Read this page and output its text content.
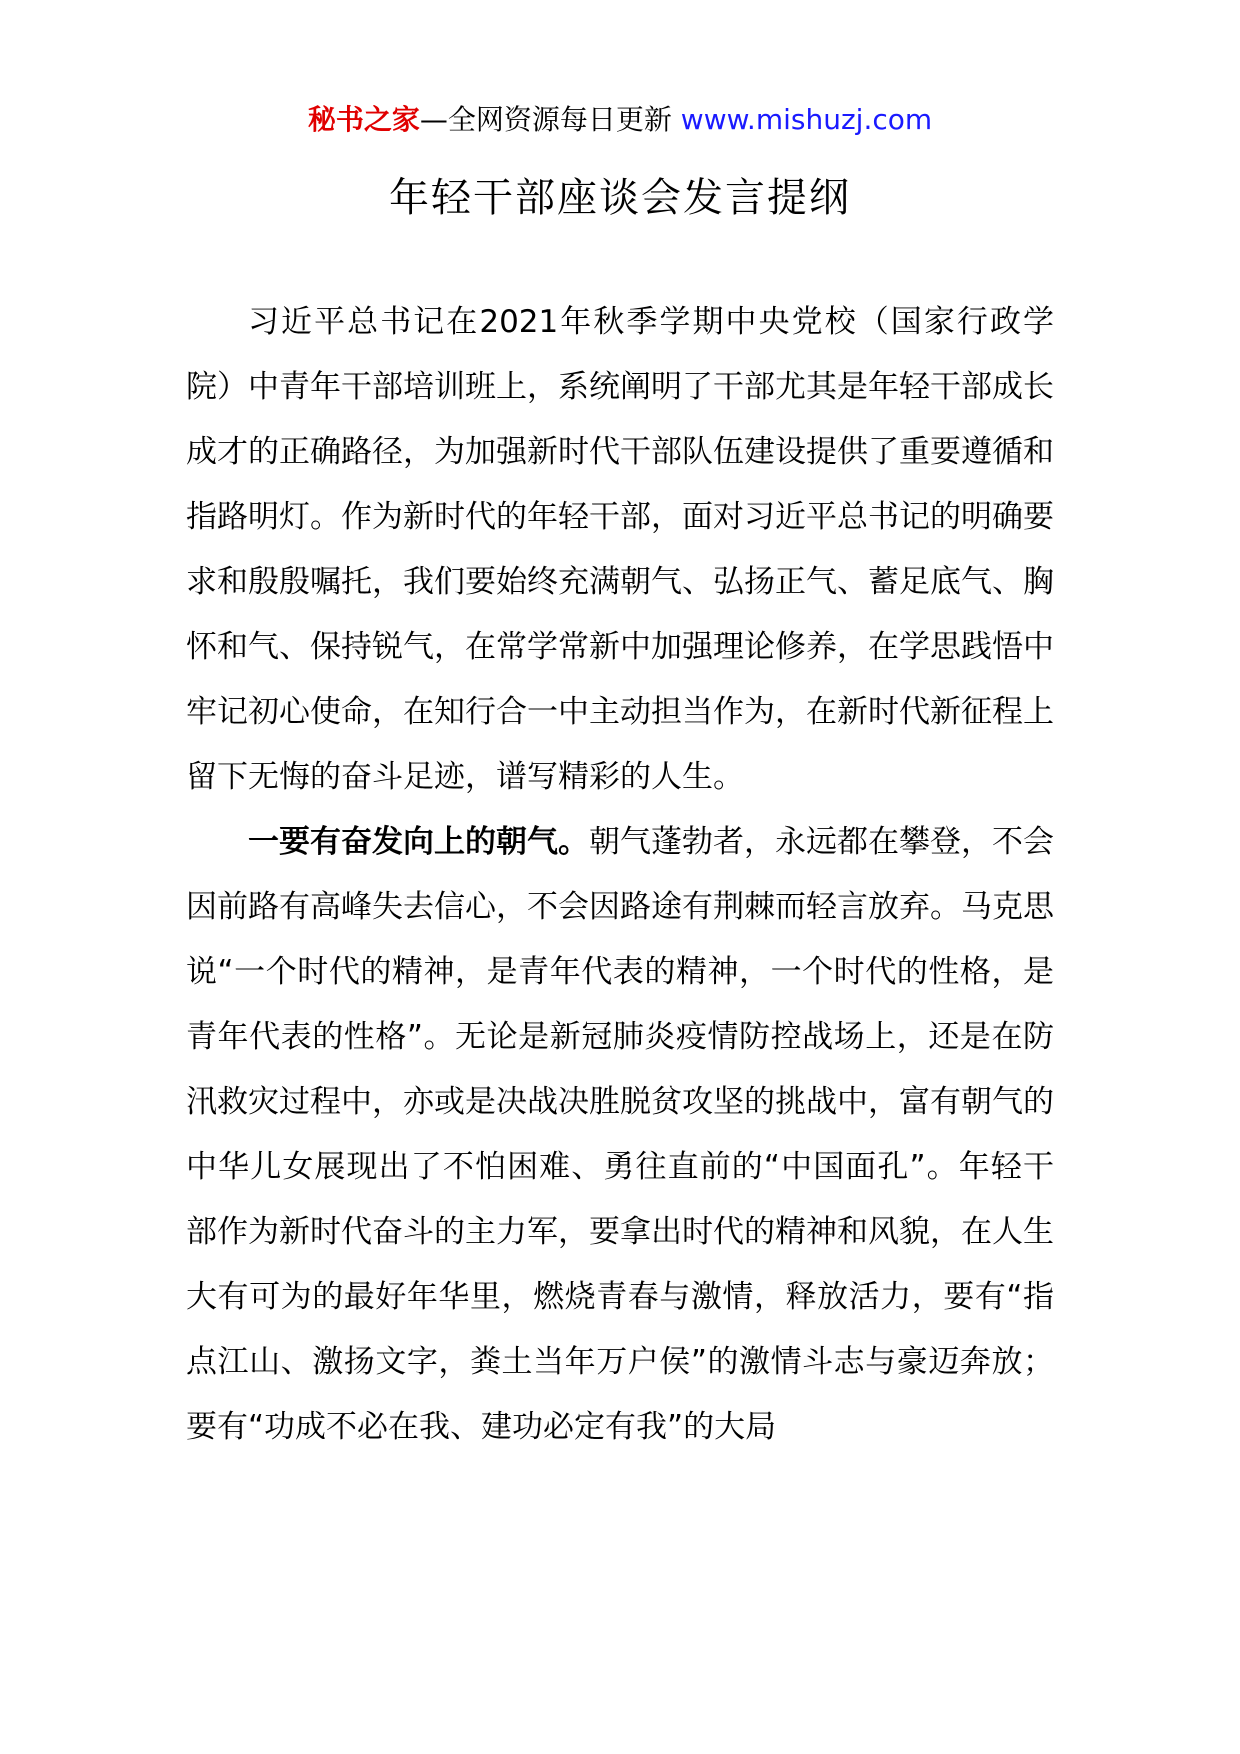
秘书之家—全网资源每日更新 www.mishuzj.com
年轻干部座谈会发言提纲

习近平总书记在2021年秋季学期中央党校（国家行政学院）中青年干部培训班上，系统阐明了干部尤其是年轻干部成长成才的正确路径，为加强新时代干部队伍建设提供了重要遵循和指路明灯。作为新时代的年轻干部，面对习近平总书记的明确要求和殷殷嘱托，我们要始终充满朝气、弘扬正气、蓄足底气、胸怀和气、保持锐气，在常学常新中加强理论修养，在学思践悟中牢记初心使命，在知行合一中主动担当作为，在新时代新征程上留下无悔的奋斗足迹，谱写精彩的人生。

一要有奋发向上的朝气。朝气蓬勃者，永远都在攀登，不会因前路有高峰失去信心，不会因路途有荆棘而轻言放弃。马克思说“一个时代的精神，是青年代表的精神，一个时代的性格，是青年代表的性格”。无论是新冠肺炎疫情防控战场上，还是在防汛救灾过程中，亦或是决战决胜脱贫攻坚的挑战中，富有朝气的中华儿女展现出了不怕困难、勇往直前的“中国面孔”。年轻干部作为新时代奋斗的主力军，要拿出时代的精神和风貌，在人生大有可为的最好年华里，燃烧青春与激情，释放活力，要有“指点江山、激扬文字，粪土当年万户侯”的激情斗志与豪迈奔放；要有“功成不必在我、建功必定有我”的大局
